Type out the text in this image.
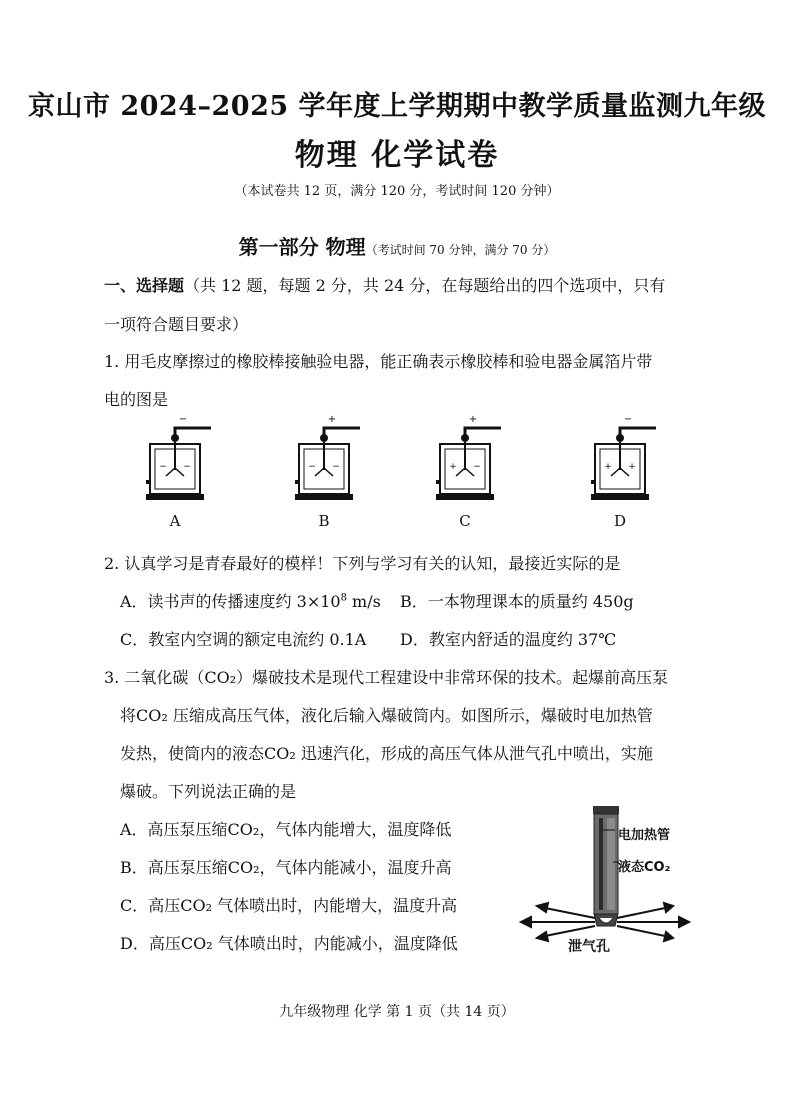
京山市 2024–2025 学年度上学期期中教学质量监测九年级
物理 化学试卷
（本试卷共 12 页，满分 120 分，考试时间 120 分钟）
第一部分 物理（考试时间 70 分钟，满分 70 分）
一、选择题（共 12 题，每题 2 分，共 24 分，在每题给出的四个选项中，只有
一项符合题目要求）
1. 用毛皮摩擦过的橡胶棒接触验电器，能正确表示橡胶棒和验电器金属箔片带
电的图是
−
− −
+
− −
+
+ −
−
+ +
A	B	C	D
2. 认真学习是青春最好的模样！下列与学习有关的认知，最接近实际的是
A．读书声的传播速度约 $3\times 10^8$ m/s B．一本物理课本的质量约 450g
C．教室内空调的额定电流约 0.1A D．教室内舒适的温度约 37℃
3. 二氧化碳（CO₂）爆破技术是现代工程建设中非常环保的技术。起爆前高压泵
将CO₂ 压缩成高压气体，液化后输入爆破筒内。如图所示，爆破时电加热管
发热，使筒内的液态CO₂ 迅速汽化，形成的高压气体从泄气孔中喷出，实施
爆破。下列说法正确的是
A．高压泵压缩CO₂，气体内能增大，温度降低
B．高压泵压缩CO₂，气体内能减小，温度升高
C．高压CO₂ 气体喷出时，内能增大，温度升高
D．高压CO₂ 气体喷出时，内能减小，温度降低
电加热管
液态CO₂
泄气孔
九年级物理 化学 第 1 页（共 14 页）
